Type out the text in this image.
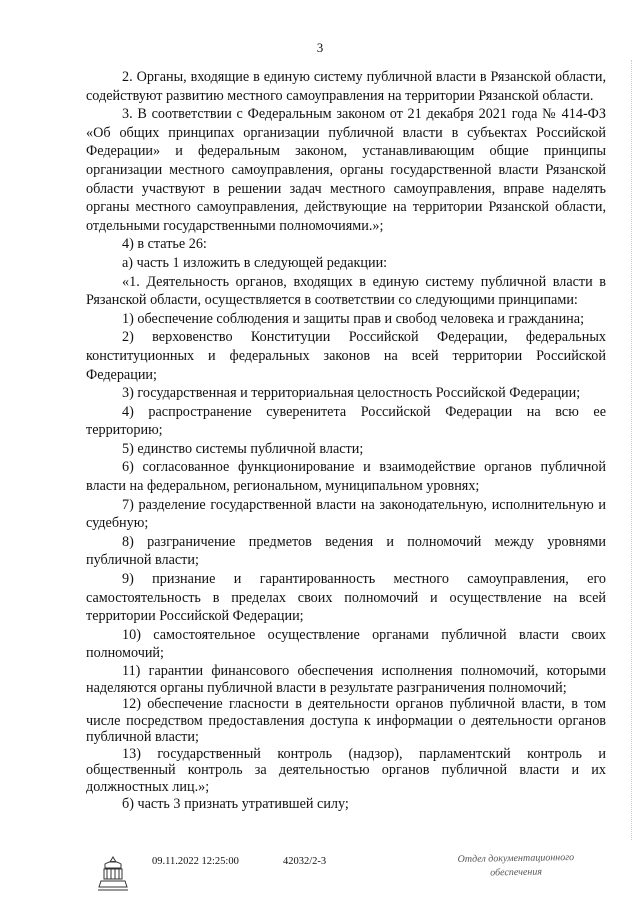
3

2. Органы, входящие в единую систему публичной власти в Рязанской области, содействуют развитию местного самоуправления на территории Рязанской области.

3. В соответствии с Федеральным законом от 21 декабря 2021 года № 414-ФЗ «Об общих принципах организации публичной власти в субъектах Российской Федерации» и федеральным законом, устанавливающим общие принципы организации местного самоуправления, органы государственной власти Рязанской области участвуют в решении задач местного самоуправления, вправе наделять органы местного самоуправления, действующие на территории Рязанской области, отдельными государственными полномочиями.»;

4) в статье 26:

а) часть 1 изложить в следующей редакции:

«1. Деятельность органов, входящих в единую систему публичной власти в Рязанской области, осуществляется в соответствии со следующими принципами:

1) обеспечение соблюдения и защиты прав и свобод человека и гражданина;

2) верховенство Конституции Российской Федерации, федеральных конституционных и федеральных законов на всей территории Российской Федерации;

3) государственная и территориальная целостность Российской Федерации;

4) распространение суверенитета Российской Федерации на всю ее территорию;

5) единство системы публичной власти;

6) согласованное функционирование и взаимодействие органов публичной власти на федеральном, региональном, муниципальном уровнях;

7) разделение государственной власти на законодательную, исполнительную и судебную;

8) разграничение предметов ведения и полномочий между уровнями публичной власти;

9) признание и гарантированность местного самоуправления, его самостоятельность в пределах своих полномочий и осуществление на всей территории Российской Федерации;

10) самостоятельное осуществление органами публичной власти своих полномочий;

11) гарантии финансового обеспечения исполнения полномочий, которыми наделяются органы публичной власти в результате разграничения полномочий;

12) обеспечение гласности в деятельности органов публичной власти, в том числе посредством предоставления доступа к информации о деятельности органов публичной власти;

13) государственный контроль (надзор), парламентский контроль и общественный контроль за деятельностью органов публичной власти и их должностных лиц.»;

б) часть 3 признать утратившей силу;

09.11.2022 12:25:00	42032/2-3	Отдел документационного
обеспечения
